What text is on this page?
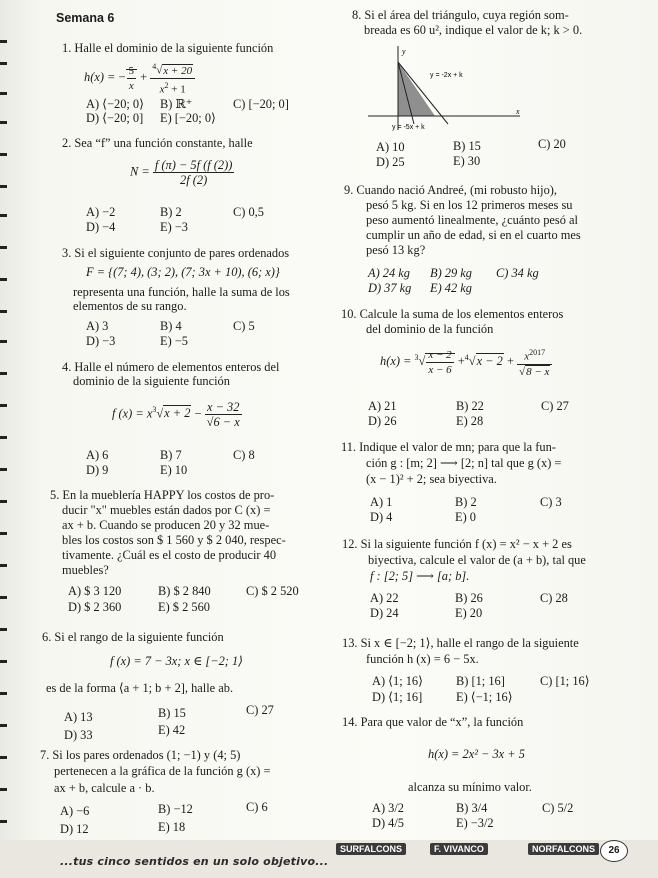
Semana 6
1. Halle el dominio de la siguiente función
h(x) = − $\frac{5}{x} + \frac{^4√x + 20}{x^2 + 1}$
A) ⟨−20; 0⟩ B) ℝ⁺	C) [−20; 0]
D) ⟨−20; 0] E) [−20; 0⟩
2. Sea “f” una función constante, halle
$N = \frac{f (\pi) - 5f (f (2))}{2f (2)}$
A) −2	B) 2	C) 0,5
D) −4	E) −3
3. Si el siguiente conjunto de pares ordenados
F = {(7; 4), (3; 2), (7; 3x + 10), (6; x)}
representa una función, halle la suma de los
elementos de su rango.
A) 3	B) 4	C) 5
D) −3	E) −5
4. Halle el número de elementos enteros del
dominio de la siguiente función
f $(x) = x^3√x + 2 - \frac{x - 32}{√6 - x}$
A) 6	B) 7	C) 8
D) 9	E) 10
5. En la mueblería HAPPY los costos de pro-
ducir "x" muebles están dados por C (x) =
ax + b. Cuando se producen 20 y 32 mue-
bles los costos son $ 1 560 y $ 2 040, respec-
tivamente. ¿Cuál es el costo de producir 40
muebles?
A) $ 3 120	B) $ 2 840	C) $ 2 520
D) $ 2 360	E) $ 2 560
6. Si el rango de la siguiente función
f (x) = 7 − 3x; x ∈ [−2; 1⟩
es de la forma ⟨a + 1; b + 2], halle ab.
A) 13	B) 15	C) 27
D) 33	E) 42
7. Si los pares ordenados (1; −1) y (4; 5)
pertenecen a la gráfica de la función g (x) =
ax + b, calcule a · b.
A) −6	B) −12	C) 6
D) 12	E) 18
8. Si el área del triángulo, cuya región som-
breada es 60 u², indique el valor de k; k > 0.
y
x
y = -2x + k
y = -5x + k
A) 10	B) 15	C) 20
D) 25	E) 30
9. Cuando nació Andreé, (mi robusto hijo),
pesó 5 kg. Si en los 12 primeros meses su
peso aumentó linealmente, ¿cuánto pesó al
cumplir un año de edad, si en el cuarto mes
pesó 13 kg?
A) 24 kg B) 29 kg C) 34 kg
D) 37 kg E) 42 kg
10. Calcule la suma de los elementos enteros
del dominio de la función
$h(x) = ^3√ \frac{x - 2}{x - 6} +^4√x - 2 + \frac{x^{2017}}{√8 - x}$
A) 21	B) 22	C) 27
D) 26	E) 28
11. Indique el valor de mn; para que la fun-
ción g : [m; 2] ⟶ [2; n] tal que g (x) =
(x − 1)² + 2; sea biyectiva.
A) 1	B) 2	C) 3
D) 4	E) 0
12. Si la siguiente función f (x) = x² − x + 2 es
biyectiva, calcule el valor de (a + b), tal que
f : [2; 5] ⟶ [a; b].
A) 22	B) 26	C) 28
D) 24	E) 20
13. Si x ∈ [−2; 1⟩, halle el rango de la siguiente
función h (x) = 6 − 5x.
A) ⟨1; 16⟩	B) [1; 16]	C) [1; 16⟩
D) ⟨1; 16]	E) ⟨−1; 16⟩
14. Para que valor de “x”, la función
h(x) = 2x² − 3x + 5
alcanza su mínimo valor.
A) 3/2	B) 3/4	C) 5/2
D) 4/5	E) −3/2
...tus cinco sentidos en un solo objetivo...
SURFALCONS	F. VIVANCO	NORFALCONS	26
